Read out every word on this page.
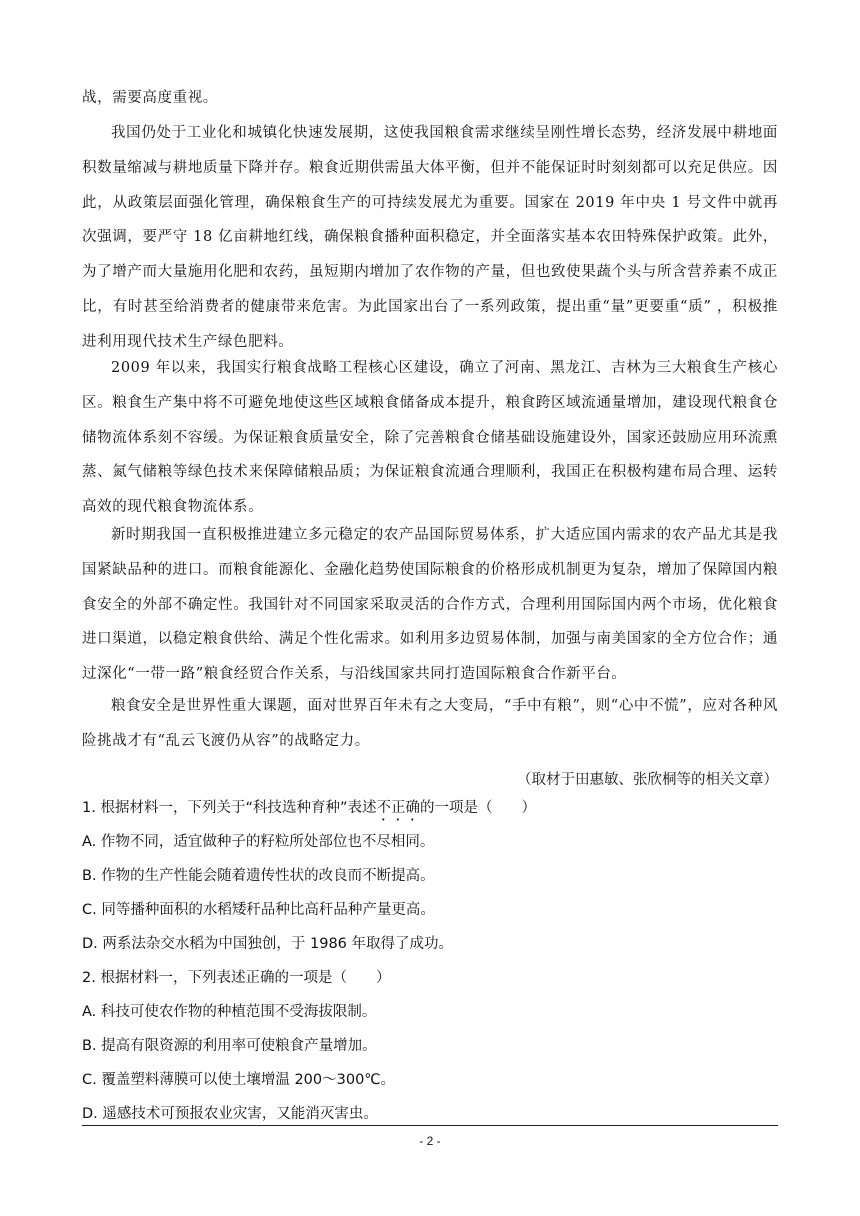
战，需要高度重视。

我国仍处于工业化和城镇化快速发展期，这使我国粮食需求继续呈刚性增长态势，经济发展中耕地面积数量缩减与耕地质量下降并存。粮食近期供需虽大体平衡，但并不能保证时时刻刻都可以充足供应。因此，从政策层面强化管理，确保粮食生产的可持续发展尤为重要。国家在 2019 年中央 1 号文件中就再次强调，要严守 18 亿亩耕地红线，确保粮食播种面积稳定，并全面落实基本农田特殊保护政策。此外，为了增产而大量施用化肥和农药，虽短期内增加了农作物的产量，但也致使果蔬个头与所含营养素不成正比，有时甚至给消费者的健康带来危害。为此国家出台了一系列政策，提出重“量”更要重“质” ，积极推进利用现代技术生产绿色肥料。

2009 年以来，我国实行粮食战略工程核心区建设，确立了河南、黑龙江、吉林为三大粮食生产核心区。粮食生产集中将不可避免地使这些区域粮食储备成本提升，粮食跨区域流通量增加，建设现代粮食仓储物流体系刻不容缓。为保证粮食质量安全，除了完善粮食仓储基础设施建设外，国家还鼓励应用环流熏蒸、氮气储粮等绿色技术来保障储粮品质；为保证粮食流通合理顺利，我国正在积极构建布局合理、运转高效的现代粮食物流体系。

新时期我国一直积极推进建立多元稳定的农产品国际贸易体系，扩大适应国内需求的农产品尤其是我国紧缺品种的进口。而粮食能源化、金融化趋势使国际粮食的价格形成机制更为复杂，增加了保障国内粮食安全的外部不确定性。我国针对不同国家采取灵活的合作方式，合理利用国际国内两个市场，优化粮食进口渠道，以稳定粮食供给、满足个性化需求。如利用多边贸易体制，加强与南美国家的全方位合作；通过深化“一带一路”粮食经贸合作关系，与沿线国家共同打造国际粮食合作新平台。

粮食安全是世界性重大课题，面对世界百年未有之大变局，“手中有粮”，则“心中不慌”，应对各种风险挑战才有“乱云飞渡仍从容”的战略定力。

（取材于田惠敏、张欣桐等的相关文章）

1. 根据材料一，下列关于“科技选种育种”表述不正确的一项是（　　）

A. 作物不同，适宜做种子的籽粒所处部位也不尽相同。

B. 作物的生产性能会随着遗传性状的改良而不断提高。

C. 同等播种面积的水稻矮秆品种比高秆品种产量更高。

D. 两系法杂交水稻为中国独创，于 1986 年取得了成功。

2. 根据材料一，下列表述正确的一项是（　　）

A. 科技可使农作物的种植范围不受海拔限制。

B. 提高有限资源的利用率可使粮食产量增加。

C. 覆盖塑料薄膜可以使土壤增温 200～300℃。

D. 遥感技术可预报农业灾害，又能消灭害虫。

- 2 -
